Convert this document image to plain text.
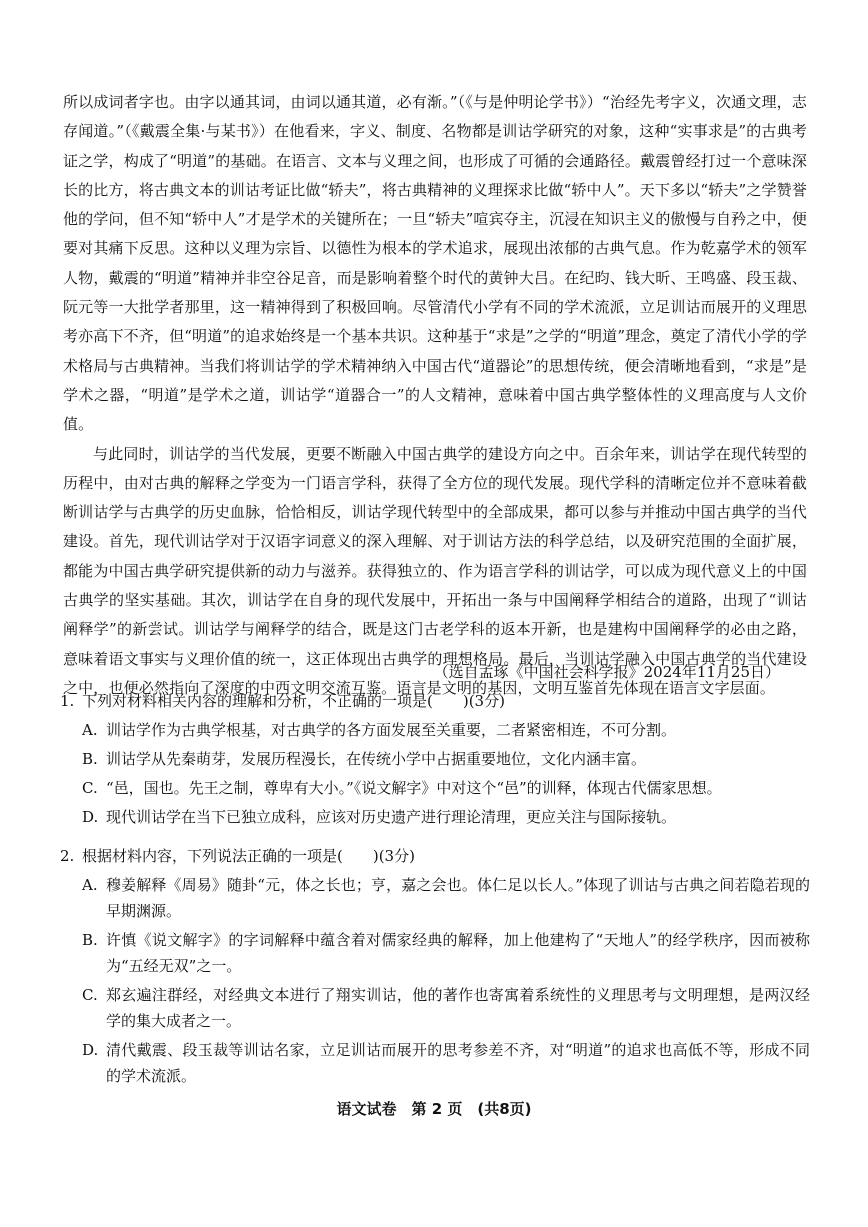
所以成词者字也。由字以通其词，由词以通其道，必有渐。”（《与是仲明论学书》）“治经先考字义，次通文理，志存闻道。”（《戴震全集·与某书》）在他看来，字义、制度、名物都是训诂学研究的对象，这种“实事求是”的古典考证之学，构成了“明道”的基础。在语言、文本与义理之间，也形成了可循的会通路径。戴震曾经打过一个意味深长的比方，将古典文本的训诂考证比做“轿夫”，将古典精神的义理探求比做“轿中人”。天下多以“轿夫”之学赞誉他的学问，但不知“轿中人”才是学术的关键所在；一旦“轿夫”喧宾夺主，沉浸在知识主义的傲慢与自矜之中，便要对其痛下反思。这种以义理为宗旨、以德性为根本的学术追求，展现出浓郁的古典气息。作为乾嘉学术的领军人物，戴震的“明道”精神并非空谷足音，而是影响着整个时代的黄钟大吕。在纪昀、钱大昕、王鸣盛、段玉裁、阮元等一大批学者那里，这一精神得到了积极回响。尽管清代小学有不同的学术流派，立足训诂而展开的义理思考亦高下不齐，但“明道”的追求始终是一个基本共识。这种基于“求是”之学的“明道”理念，奠定了清代小学的学术格局与古典精神。当我们将训诂学的学术精神纳入中国古代“道器论”的思想传统，便会清晰地看到，“求是”是学术之器，“明道”是学术之道，训诂学“道器合一”的人文精神，意味着中国古典学整体性的义理高度与人文价值。

与此同时，训诂学的当代发展，更要不断融入中国古典学的建设方向之中。百余年来，训诂学在现代转型的历程中，由对古典的解释之学变为一门语言学科，获得了全方位的现代发展。现代学科的清晰定位并不意味着截断训诂学与古典学的历史血脉，恰恰相反，训诂学现代转型中的全部成果，都可以参与并推动中国古典学的当代建设。首先，现代训诂学对于汉语字词意义的深入理解、对于训诂方法的科学总结，以及研究范围的全面扩展，都能为中国古典学研究提供新的动力与滋养。获得独立的、作为语言学科的训诂学，可以成为现代意义上的中国古典学的坚实基础。其次，训诂学在自身的现代发展中，开拓出一条与中国阐释学相结合的道路，出现了“训诂阐释学”的新尝试。训诂学与阐释学的结合，既是这门古老学科的返本开新，也是建构中国阐释学的必由之路，意味着语文事实与义理价值的统一，这正体现出古典学的理想格局。最后，当训诂学融入中国古典学的当代建设之中，也便必然指向了深度的中西文明交流互鉴。语言是文明的基因，文明互鉴首先体现在语言文字层面。

（选自孟琢《中国社会科学报》2024年11月25日）

1. 下列对材料相关内容的理解和分析，不正确的一项是(　　)(3分)

A. 训诂学作为古典学根基，对古典学的各方面发展至关重要，二者紧密相连，不可分割。
B. 训诂学从先秦萌芽，发展历程漫长，在传统小学中占据重要地位，文化内涵丰富。
C. “邑，国也。先王之制，尊卑有大小。”《说文解字》中对这个“邑”的训释，体现古代儒家思想。
D. 现代训诂学在当下已独立成科，应该对历史遗产进行理论清理，更应关注与国际接轨。

2. 根据材料内容，下列说法正确的一项是(　　)(3分)

A. 穆姜解释《周易》随卦“元，体之长也；亨，嘉之会也。体仁足以长人。”体现了训诂与古典之间若隐若现的早期渊源。
B. 许慎《说文解字》的字词解释中蕴含着对儒家经典的解释，加上他建构了“天地人”的经学秩序，因而被称为“五经无双”之一。
C. 郑玄遍注群经，对经典文本进行了翔实训诂，他的著作也寄寓着系统性的义理思考与文明理想，是两汉经学的集大成者之一。
D. 清代戴震、段玉裁等训诂名家，立足训诂而展开的思考参差不齐，对“明道”的追求也高低不等，形成不同的学术流派。
语文试卷　第 2 页　(共8页)
